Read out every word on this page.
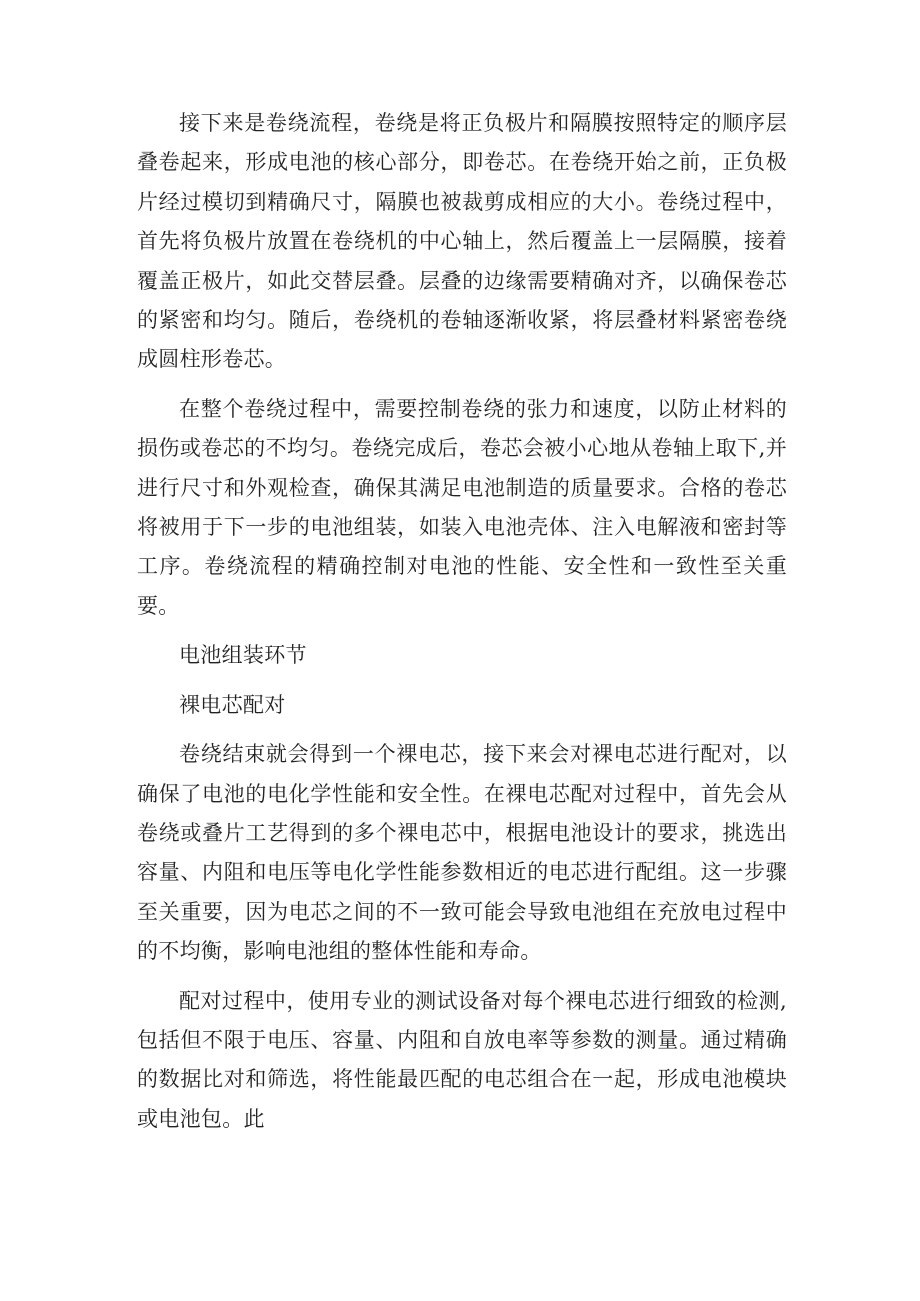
接下来是卷绕流程，卷绕是将正负极片和隔膜按照特定的顺序层叠卷起来，形成电池的核心部分，即卷芯。在卷绕开始之前，正负极片经过模切到精确尺寸，隔膜也被裁剪成相应的大小。卷绕过程中，首先将负极片放置在卷绕机的中心轴上，然后覆盖上一层隔膜，接着覆盖正极片，如此交替层叠。层叠的边缘需要精确对齐，以确保卷芯的紧密和均匀。随后，卷绕机的卷轴逐渐收紧，将层叠材料紧密卷绕成圆柱形卷芯。

在整个卷绕过程中，需要控制卷绕的张力和速度，以防止材料的损伤或卷芯的不均匀。卷绕完成后，卷芯会被小心地从卷轴上取下,并进行尺寸和外观检查，确保其满足电池制造的质量要求。合格的卷芯将被用于下一步的电池组装，如装入电池壳体、注入电解液和密封等工序。卷绕流程的精确控制对电池的性能、安全性和一致性至关重要。

电池组装环节

裸电芯配对

卷绕结束就会得到一个裸电芯，接下来会对裸电芯进行配对，以确保了电池的电化学性能和安全性。在裸电芯配对过程中，首先会从卷绕或叠片工艺得到的多个裸电芯中，根据电池设计的要求，挑选出容量、内阻和电压等电化学性能参数相近的电芯进行配组。这一步骤至关重要，因为电芯之间的不一致可能会导致电池组在充放电过程中的不均衡，影响电池组的整体性能和寿命。

配对过程中，使用专业的测试设备对每个裸电芯进行细致的检测,包括但不限于电压、容量、内阻和自放电率等参数的测量。通过精确的数据比对和筛选，将性能最匹配的电芯组合在一起，形成电池模块或电池包。此
